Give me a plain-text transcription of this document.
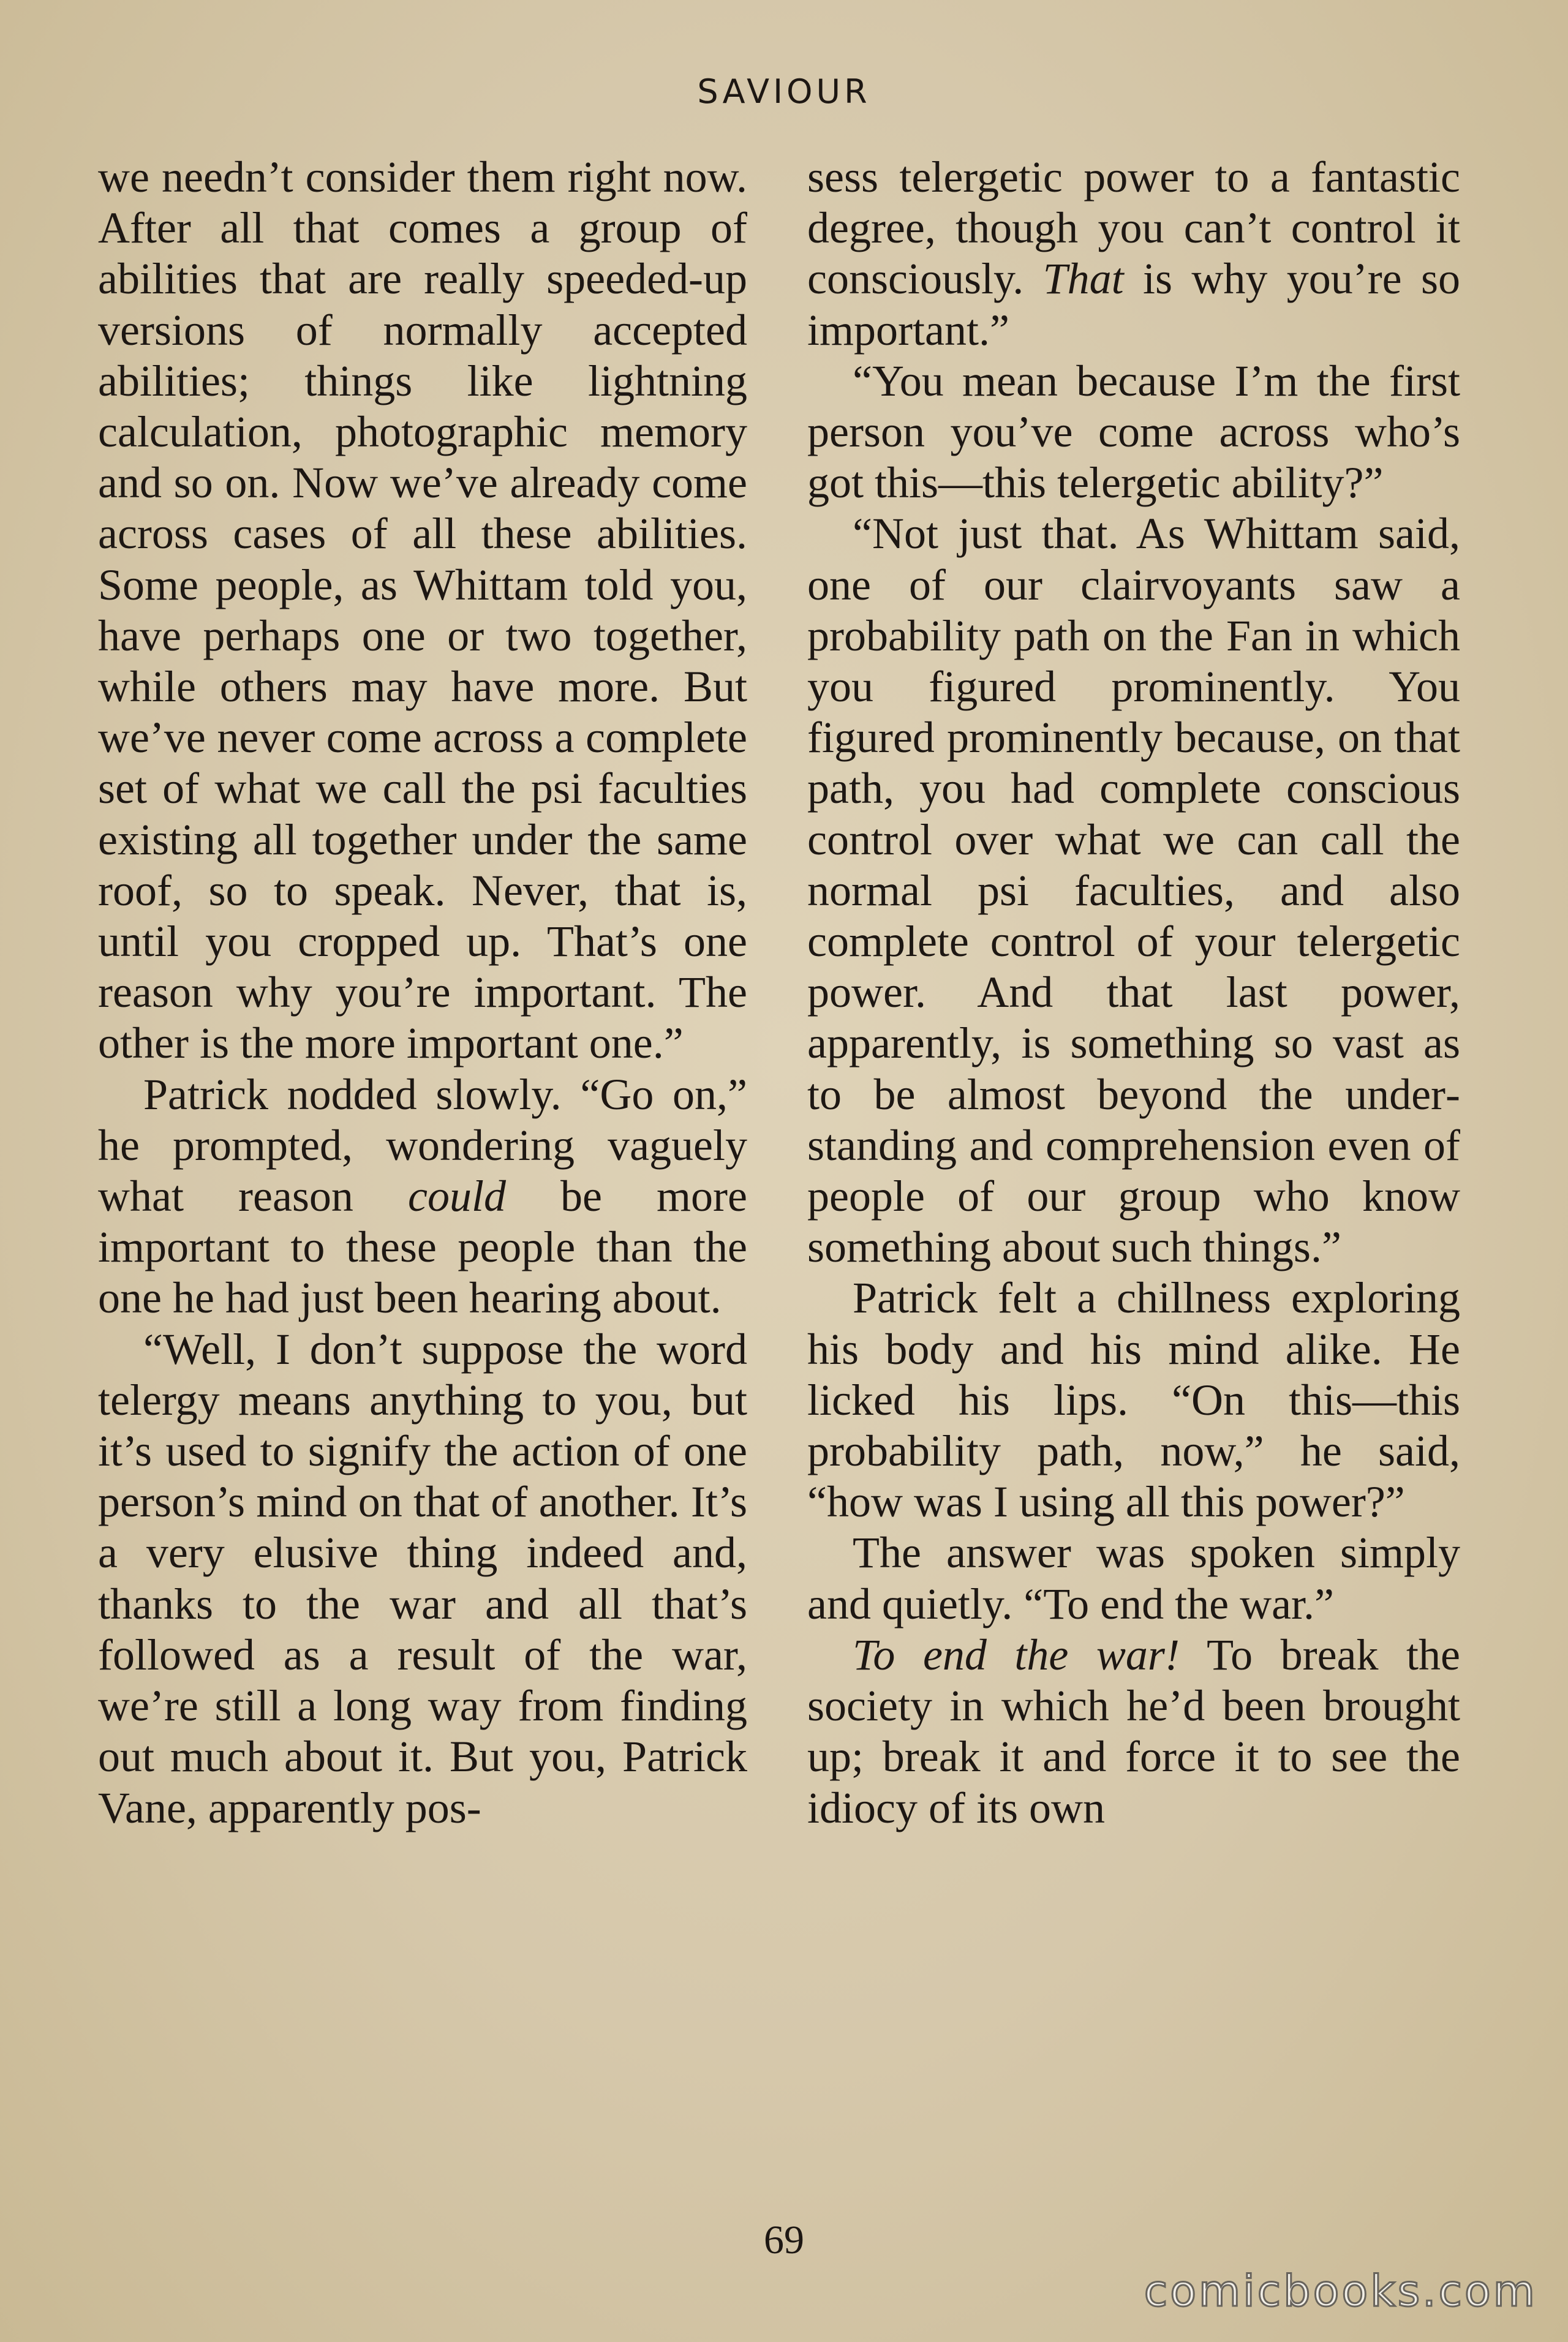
SAVIOUR

we needn’t consider them right now. After all that comes a group of abilities that are really speeded-up versions of normally accepted abilities; things like lightning calculation, photographic memory and so on. Now we’ve already come across cases of all these abilities. Some people, as Whittam told you, have perhaps one or two together, while others may have more. But we’ve never come across a complete set of what we call the psi faculties existing all together under the same roof, so to speak. Never, that is, until you cropped up. That’s one reason why you’re important. The other is the more important one.”

Patrick nodded slowly. “Go on,” he prompted, wondering vaguely what reason could be more important to these people than the one he had just been hearing about.

“Well, I don’t suppose the word telergy means anything to you, but it’s used to signify the action of one person’s mind on that of another. It’s a very elusive thing indeed and, thanks to the war and all that’s followed as a result of the war, we’re still a long way from finding out much about it. But you, Patrick Vane, apparently pos-

sess telergetic power to a fantastic degree, though you can’t control it consciously. That is why you’re so important.”

“You mean because I’m the first person you’ve come across who’s got this—this telergetic ability?”

“Not just that. As Whittam said, one of our clairvoyants saw a probability path on the Fan in which you figured prominently. You figured prominently because, on that path, you had complete conscious control over what we can call the normal psi faculties, and also complete control of your telergetic power. And that last power, apparently, is something so vast as to be almost beyond the understanding and comprehension even of people of our group who know something about such things.”

Patrick felt a chillness exploring his body and his mind alike. He licked his lips. “On this—this probability path, now,” he said, “how was I using all this power?”

The answer was spoken simply and quietly. “To end the war.”

To end the war! To break the society in which he’d been brought up; break it and force it to see the idiocy of its own

69
comicbooks.com
